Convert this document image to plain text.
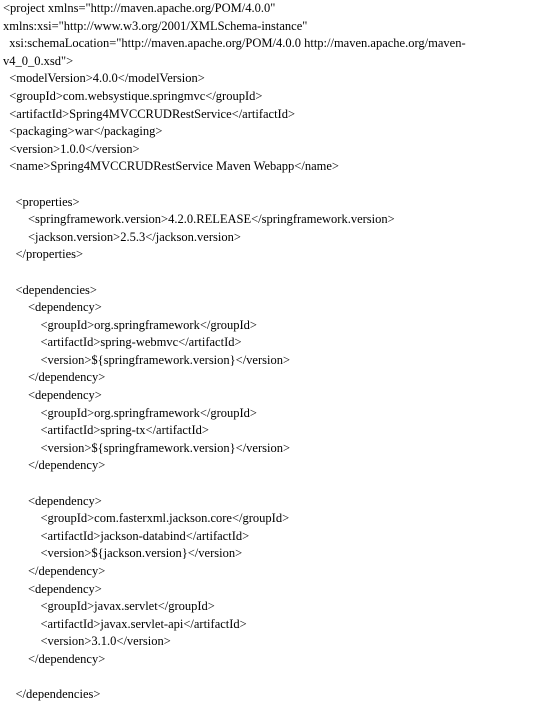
<project xmlns="http://maven.apache.org/POM/4.0.0"
xmlns:xsi="http://www.w3.org/2001/XMLSchema-instance"
xsi:schemaLocation="http://maven.apache.org/POM/4.0.0 http://maven.apache.org/maven-
v4_0_0.xsd">
<modelVersion>4.0.0</modelVersion>
<groupId>com.websystique.springmvc</groupId>
<artifactId>Spring4MVCCRUDRestService</artifactId>
<packaging>war</packaging>
<version>1.0.0</version>
<name>Spring4MVCCRUDRestService Maven Webapp</name>
<properties>
<springframework.version>4.2.0.RELEASE</springframework.version>
<jackson.version>2.5.3</jackson.version>
</properties>
<dependencies>
<dependency>
<groupId>org.springframework</groupId>
<artifactId>spring-webmvc</artifactId>
<version>${springframework.version}</version>
</dependency>
<dependency>
<groupId>org.springframework</groupId>
<artifactId>spring-tx</artifactId>
<version>${springframework.version}</version>
</dependency>
<dependency>
<groupId>com.fasterxml.jackson.core</groupId>
<artifactId>jackson-databind</artifactId>
<version>${jackson.version}</version>
</dependency>
<dependency>
<groupId>javax.servlet</groupId>
<artifactId>javax.servlet-api</artifactId>
<version>3.1.0</version>
</dependency>
</dependencies>
